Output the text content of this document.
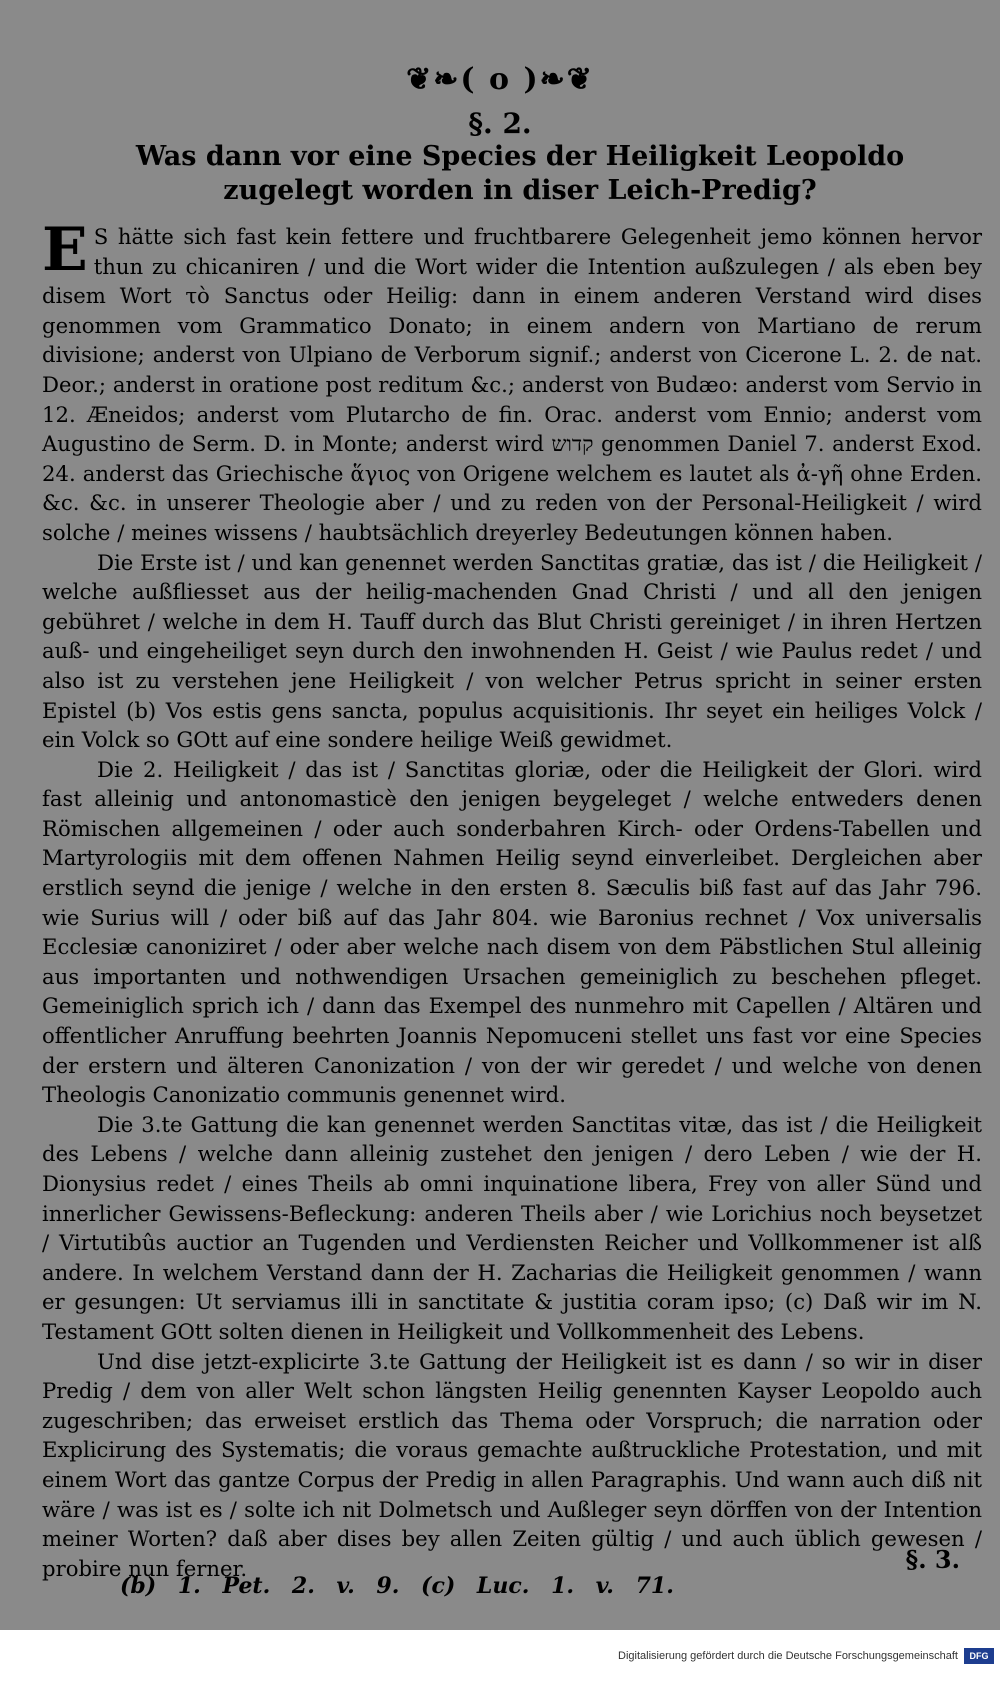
❦❧( o )❧❦
§. 2.
Was dann vor eine Species der Heiligkeit Leopoldo zugelegt worden in diser Leich-Predig?

E S hätte sich fast kein fettere und fruchtbarere Gelegenheit jemo können hervor thun zu chicaniren / und die Wort wider die Intention außzulegen / als eben bey disem Wort τὸ Sanctus oder Heilig: dann in einem anderen Verstand wird dises genommen vom Grammatico Donato; in einem andern von Martiano de rerum divisione; anderst von Ulpiano de Verborum signif.; anderst von Cicerone L. 2. de nat. Deor.; anderst in oratione post reditum &c.; anderst von Budæo: anderst vom Servio in 12. Æneidos; anderst vom Plutarcho de fin. Orac. anderst vom Ennio; anderst vom Augustino de Serm. D. in Monte; anderst wird קדוש genommen Daniel 7. anderst Exod. 24. anderst das Griechische ἅγιος von Origene welchem es lautet als ἀ-γῆ ohne Erden. &c. &c. in unserer Theologie aber / und zu reden von der Personal-Heiligkeit / wird solche / meines wissens / haubtsächlich dreyerley Bedeutungen können haben.

Die Erste ist / und kan genennet werden Sanctitas gratiæ, das ist / die Heiligkeit / welche außfliesset aus der heilig-machenden Gnad Christi / und all den jenigen gebühret / welche in dem H. Tauff durch das Blut Christi gereiniget / in ihren Hertzen auß- und eingeheiliget seyn durch den inwohnenden H. Geist / wie Paulus redet / und also ist zu verstehen jene Heiligkeit / von welcher Petrus spricht in seiner ersten Epistel (b) Vos estis gens sancta, populus acquisitionis. Ihr seyet ein heiliges Volck / ein Volck so GOtt auf eine sondere heilige Weiß gewidmet.

Die 2. Heiligkeit / das ist / Sanctitas gloriæ, oder die Heiligkeit der Glori. wird fast alleinig und antonomasticè den jenigen beygeleget / welche entweders denen Römischen allgemeinen / oder auch sonderbahren Kirch- oder Ordens-Tabellen und Martyrologiis mit dem offenen Nahmen Heilig seynd einverleibet. Dergleichen aber erstlich seynd die jenige / welche in den ersten 8. Sæculis biß fast auf das Jahr 796. wie Surius will / oder biß auf das Jahr 804. wie Baronius rechnet / Vox universalis Ecclesiæ canoniziret / oder aber welche nach disem von dem Päbstlichen Stul alleinig aus importanten und nothwendigen Ursachen gemeiniglich zu beschehen pfleget. Gemeiniglich sprich ich / dann das Exempel des nunmehro mit Capellen / Altären und offentlicher Anruffung beehrten Joannis Nepomuceni stellet uns fast vor eine Species der erstern und älteren Canonization / von der wir geredet / und welche von denen Theologis Canonizatio communis genennet wird.

Die 3.te Gattung die kan genennet werden Sanctitas vitæ, das ist / die Heiligkeit des Lebens / welche dann alleinig zustehet den jenigen / dero Leben / wie der H. Dionysius redet / eines Theils ab omni inquinatione libera, Frey von aller Sünd und innerlicher Gewissens-Befleckung: anderen Theils aber / wie Lorichius noch beysetzet / Virtutibûs auctior an Tugenden und Verdiensten Reicher und Vollkommener ist alß andere. In welchem Verstand dann der H. Zacharias die Heiligkeit genommen / wann er gesungen: Ut serviamus illi in sanctitate & justitia coram ipso; (c) Daß wir im N. Testament GOtt solten dienen in Heiligkeit und Vollkommenheit des Lebens.

Und dise jetzt-explicirte 3.te Gattung der Heiligkeit ist es dann / so wir in diser Predig / dem von aller Welt schon längsten Heilig genennten Kayser Leopoldo auch zugeschriben; das erweiset erstlich das Thema oder Vorspruch; die narration oder Explicirung des Systematis; die voraus gemachte außtruckliche Protestation, und mit einem Wort das gantze Corpus der Predig in allen Paragraphis. Und wann auch diß nit wäre / was ist es / solte ich nit Dolmetsch und Außleger seyn dörffen von der Intention meiner Worten? daß aber dises bey allen Zeiten gültig / und auch üblich gewesen / probire nun ferner.	§. 3.
(b) 1. Pet. 2. v. 9. (c) Luc. 1. v. 71.
Digitalisierung gefördert durch die Deutsche Forschungsgemeinschaft	DFG
